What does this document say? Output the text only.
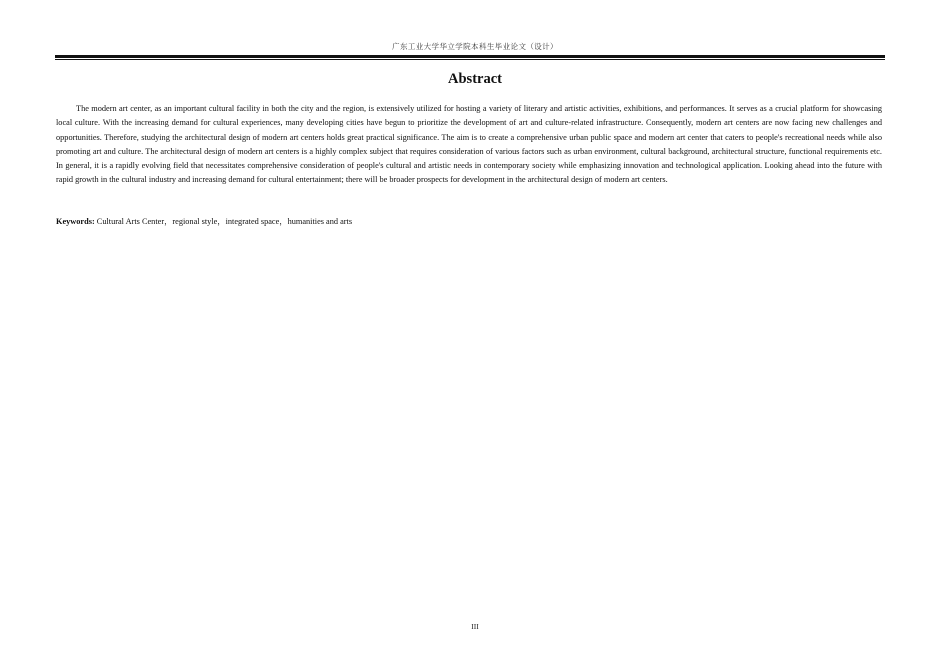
广东工业大学华立学院本科生毕业论文（设计）
Abstract

The modern art center, as an important cultural facility in both the city and the region, is extensively utilized for hosting a variety of literary and artistic activities, exhibitions, and performances. It serves as a crucial platform for showcasing local culture. With the increasing demand for cultural experiences, many developing cities have begun to prioritize the development of art and culture-related infrastructure. Consequently, modern art centers are now facing new challenges and opportunities. Therefore, studying the architectural design of modern art centers holds great practical significance. The aim is to create a comprehensive urban public space and modern art center that caters to people's recreational needs while also promoting art and culture. The architectural design of modern art centers is a highly complex subject that requires consideration of various factors such as urban environment, cultural background, architectural structure, functional requirements etc. In general, it is a rapidly evolving field that necessitates comprehensive consideration of people's cultural and artistic needs in contemporary society while emphasizing innovation and technological application. Looking ahead into the future with rapid growth in the cultural industry and increasing demand for cultural entertainment; there will be broader prospects for development in the architectural design of modern art centers.

Keywords: Cultural Arts Center，regional style，integrated space，humanities and arts

III
